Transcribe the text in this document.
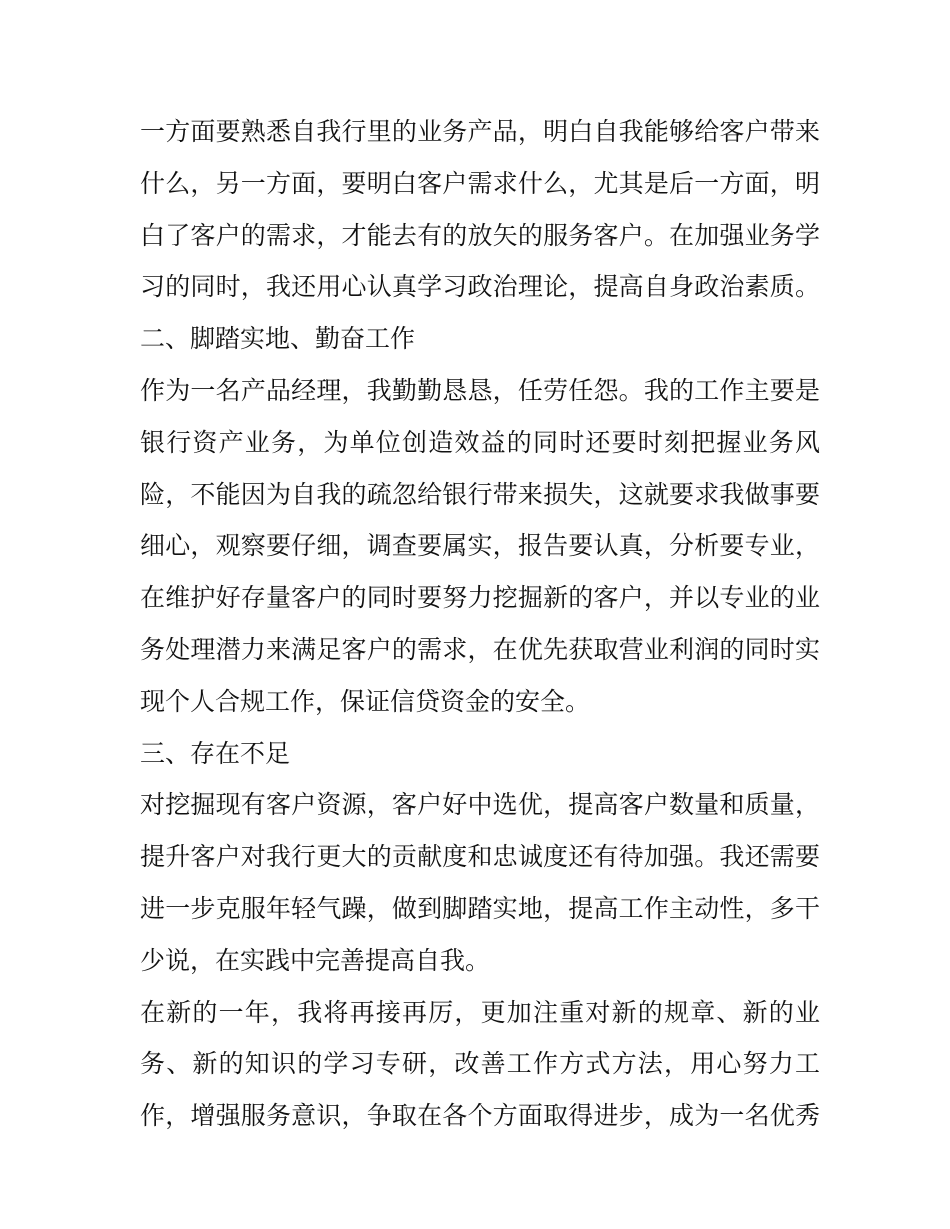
一方面要熟悉自我行里的业务产品，明白自我能够给客户带来
什么，另一方面，要明白客户需求什么，尤其是后一方面，明
白了客户的需求，才能去有的放矢的服务客户。在加强业务学
习的同时，我还用心认真学习政治理论，提高自身政治素质。
二、脚踏实地、勤奋工作
作为一名产品经理，我勤勤恳恳，任劳任怨。我的工作主要是
银行资产业务，为单位创造效益的同时还要时刻把握业务风
险，不能因为自我的疏忽给银行带来损失，这就要求我做事要
细心，观察要仔细，调查要属实，报告要认真，分析要专业，
在维护好存量客户的同时要努力挖掘新的客户，并以专业的业
务处理潜力来满足客户的需求，在优先获取营业利润的同时实
现个人合规工作，保证信贷资金的安全。
三、存在不足
对挖掘现有客户资源，客户好中选优，提高客户数量和质量，
提升客户对我行更大的贡献度和忠诚度还有待加强。我还需要
进一步克服年轻气躁，做到脚踏实地，提高工作主动性，多干
少说，在实践中完善提高自我。
在新的一年，我将再接再厉，更加注重对新的规章、新的业
务、新的知识的学习专研，改善工作方式方法，用心努力工
作，增强服务意识，争取在各个方面取得进步，成为一名优秀
